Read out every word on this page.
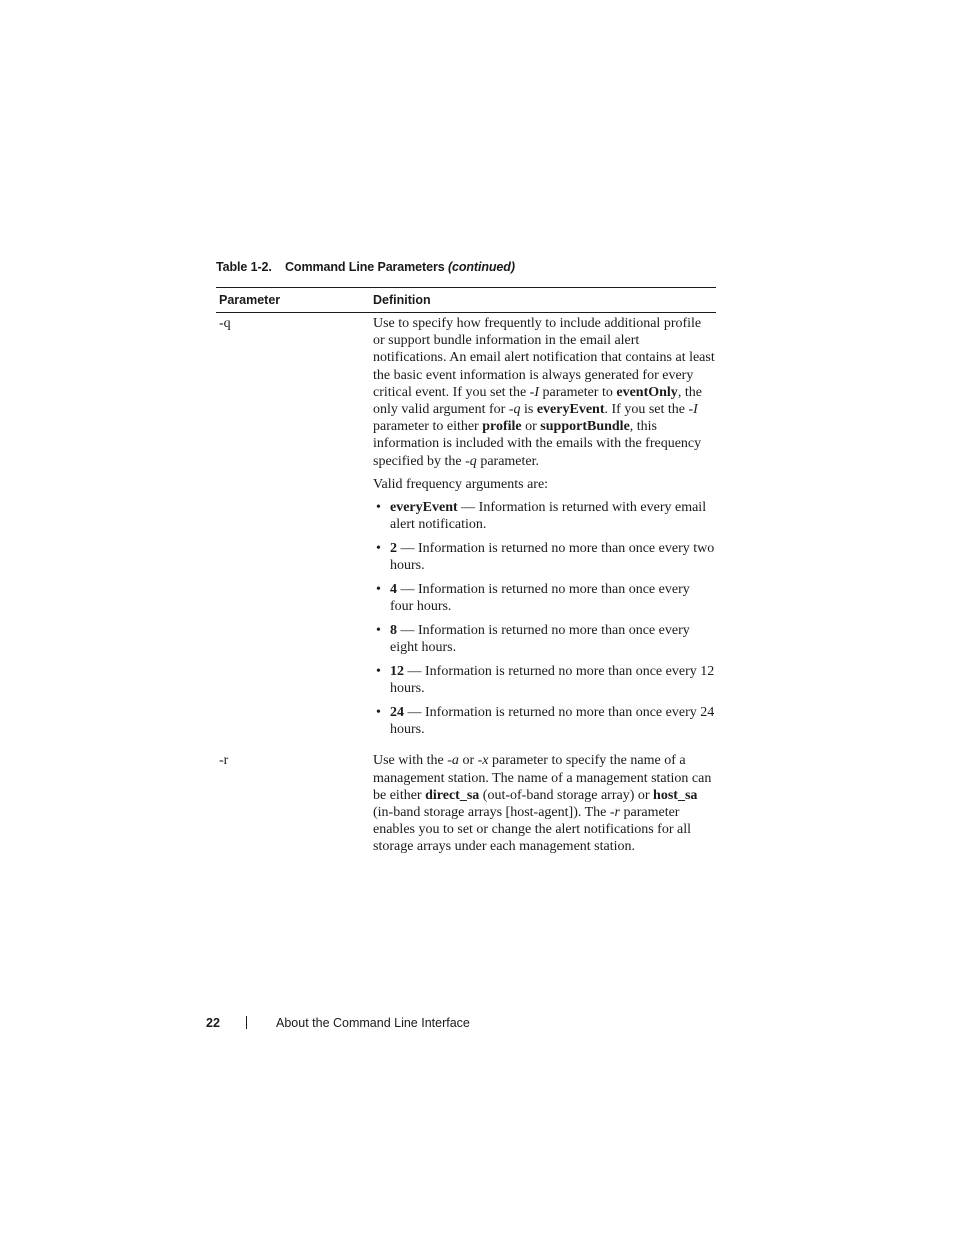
Table 1-2. Command Line Parameters (continued)
Parameter	Definition
-q	Use to specify how frequently to include additional profile or support bundle information in the email alert notifications. An email alert notification that contains at least the basic event information is always generated for every critical event. If you set the -I parameter to eventOnly, the only valid argument for -q is everyEvent. If you set the -I parameter to either profile or supportBundle, this information is included with the emails with the frequency specified by the -q parameter.

Valid frequency arguments are:

• everyEvent — Information is returned with every email alert notification.
• 2 — Information is returned no more than once every two hours.
• 4 — Information is returned no more than once every four hours.
• 8 — Information is returned no more than once every eight hours.
• 12 — Information is returned no more than once every 12 hours.
• 24 — Information is returned no more than once every 24 hours.
-r	Use with the -a or -x parameter to specify the name of a management station. The name of a management station can be either direct_sa (out-of-band storage array) or host_sa (in-band storage arrays [host-agent]). The -r parameter enables you to set or change the alert notifications for all storage arrays under each management station.

22	About the Command Line Interface
